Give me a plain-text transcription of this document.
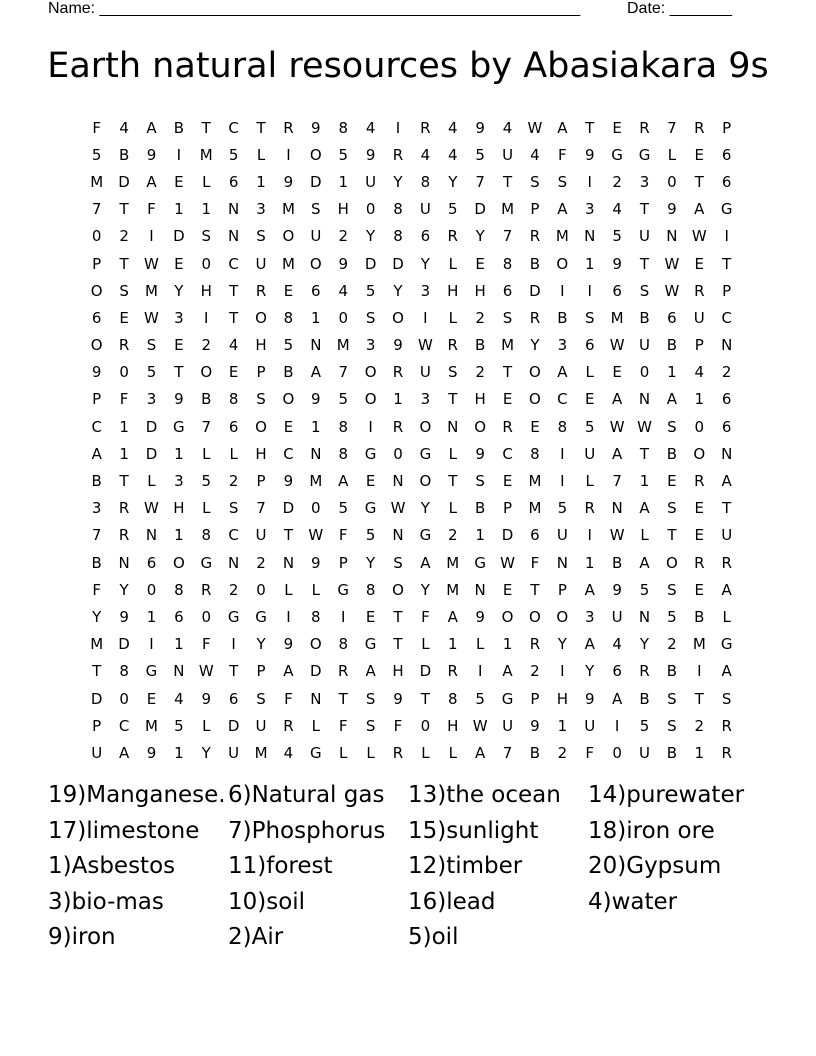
Name: ______________________________________________________	Date: _______
Earth natural resources by Abasiakara 9s
F	4	A	B	T	C	T	R	9	8	4	I	R	4	9	4	W	A	T	E	R	7	R	P
5	B	9	I	M	5	L	I	O	5	9	R	4	4	5	U	4	F	9	G	G	L	E	6
M	D	A	E	L	6	1	9	D	1	U	Y	8	Y	7	T	S	S	I	2	3	0	T	6
7	T	F	1	1	N	3	M	S	H	0	8	U	5	D	M	P	A	3	4	T	9	A	G
0	2	I	D	S	N	S	O	U	2	Y	8	6	R	Y	7	R	M	N	5	U	N	W	I
P	T	W	E	0	C	U	M	O	9	D	D	Y	L	E	8	B	O	1	9	T	W	E	T
O	S	M	Y	H	T	R	E	6	4	5	Y	3	H	H	6	D	I	I	6	S	W	R	P
6	E	W	3	I	T	O	8	1	0	S	O	I	L	2	S	R	B	S	M	B	6	U	C
O	R	S	E	2	4	H	5	N	M	3	9	W	R	B	M	Y	3	6	W	U	B	P	N
9	0	5	T	O	E	P	B	A	7	O	R	U	S	2	T	O	A	L	E	0	1	4	2
P	F	3	9	B	8	S	O	9	5	O	1	3	T	H	E	O	C	E	A	N	A	1	6
C	1	D	G	7	6	O	E	1	8	I	R	O	N	O	R	E	8	5	W	W	S	0	6
A	1	D	1	L	L	H	C	N	8	G	0	G	L	9	C	8	I	U	A	T	B	O	N
B	T	L	3	5	2	P	9	M	A	E	N	O	T	S	E	M	I	L	7	1	E	R	A
3	R	W	H	L	S	7	D	0	5	G	W	Y	L	B	P	M	5	R	N	A	S	E	T
7	R	N	1	8	C	U	T	W	F	5	N	G	2	1	D	6	U	I	W	L	T	E	U
B	N	6	O	G	N	2	N	9	P	Y	S	A	M	G	W	F	N	1	B	A	O	R	R
F	Y	0	8	R	2	0	L	L	G	8	O	Y	M	N	E	T	P	A	9	5	S	E	A
Y	9	1	6	0	G	G	I	8	I	E	T	F	A	9	O	O	O	3	U	N	5	B	L
M	D	I	1	F	I	Y	9	O	8	G	T	L	1	L	1	R	Y	A	4	Y	2	M	G
T	8	G	N	W	T	P	A	D	R	A	H	D	R	I	A	2	I	Y	6	R	B	I	A
D	0	E	4	9	6	S	F	N	T	S	9	T	8	5	G	P	H	9	A	B	S	T	S
P	C	M	5	L	D	U	R	L	F	S	F	0	H	W	U	9	1	U	I	5	S	2	R
U	A	9	1	Y	U	M	4	G	L	L	R	L	L	A	7	B	2	F	0	U	B	1	R
19)Manganese. 6)Natural gas	13)the ocean	14)purewater
17)limestone	7)Phosphorus 15)sunlight	18)iron ore
1)Asbestos	11)forest	12)timber	20)Gypsum
3)bio-mas	10)soil	16)lead	4)water
9)iron	2)Air	5)oil
